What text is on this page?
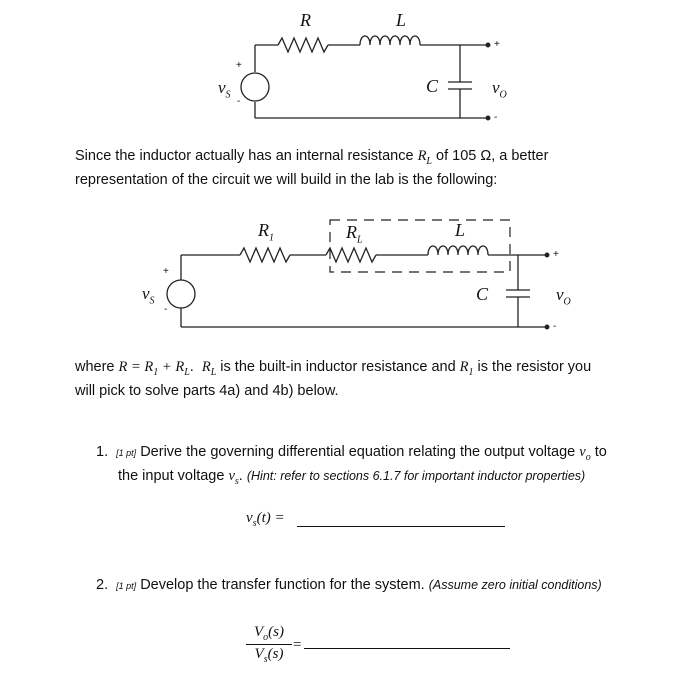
R	L
C
$v_S$	$v_O$
+
-
+
-
Since the inductor actually has an internal resistance $R_L$ of 105 Ω, a better
representation of the circuit we will build in the lab is the following:
$R_1$	$R_L$
L
C
$v_S$	$v_O$
+
-
+
-
where $R = R_1 + R_L$. $R_L$ is the built-in inductor resistance and $R_1$ is the resistor you
will pick to solve parts 4a) and 4b) below.
1. [1 pt] Derive the governing differential equation relating the output voltage $v_o$ to
the input voltage $v_s$. (Hint: refer to sections 6.1.7 for important inductor properties)
$v_s(t)$ =
2. [1 pt] Develop the transfer function for the system. (Assume zero initial conditions)
$\frac{V_o(s)}{V_s(s)}$ =
